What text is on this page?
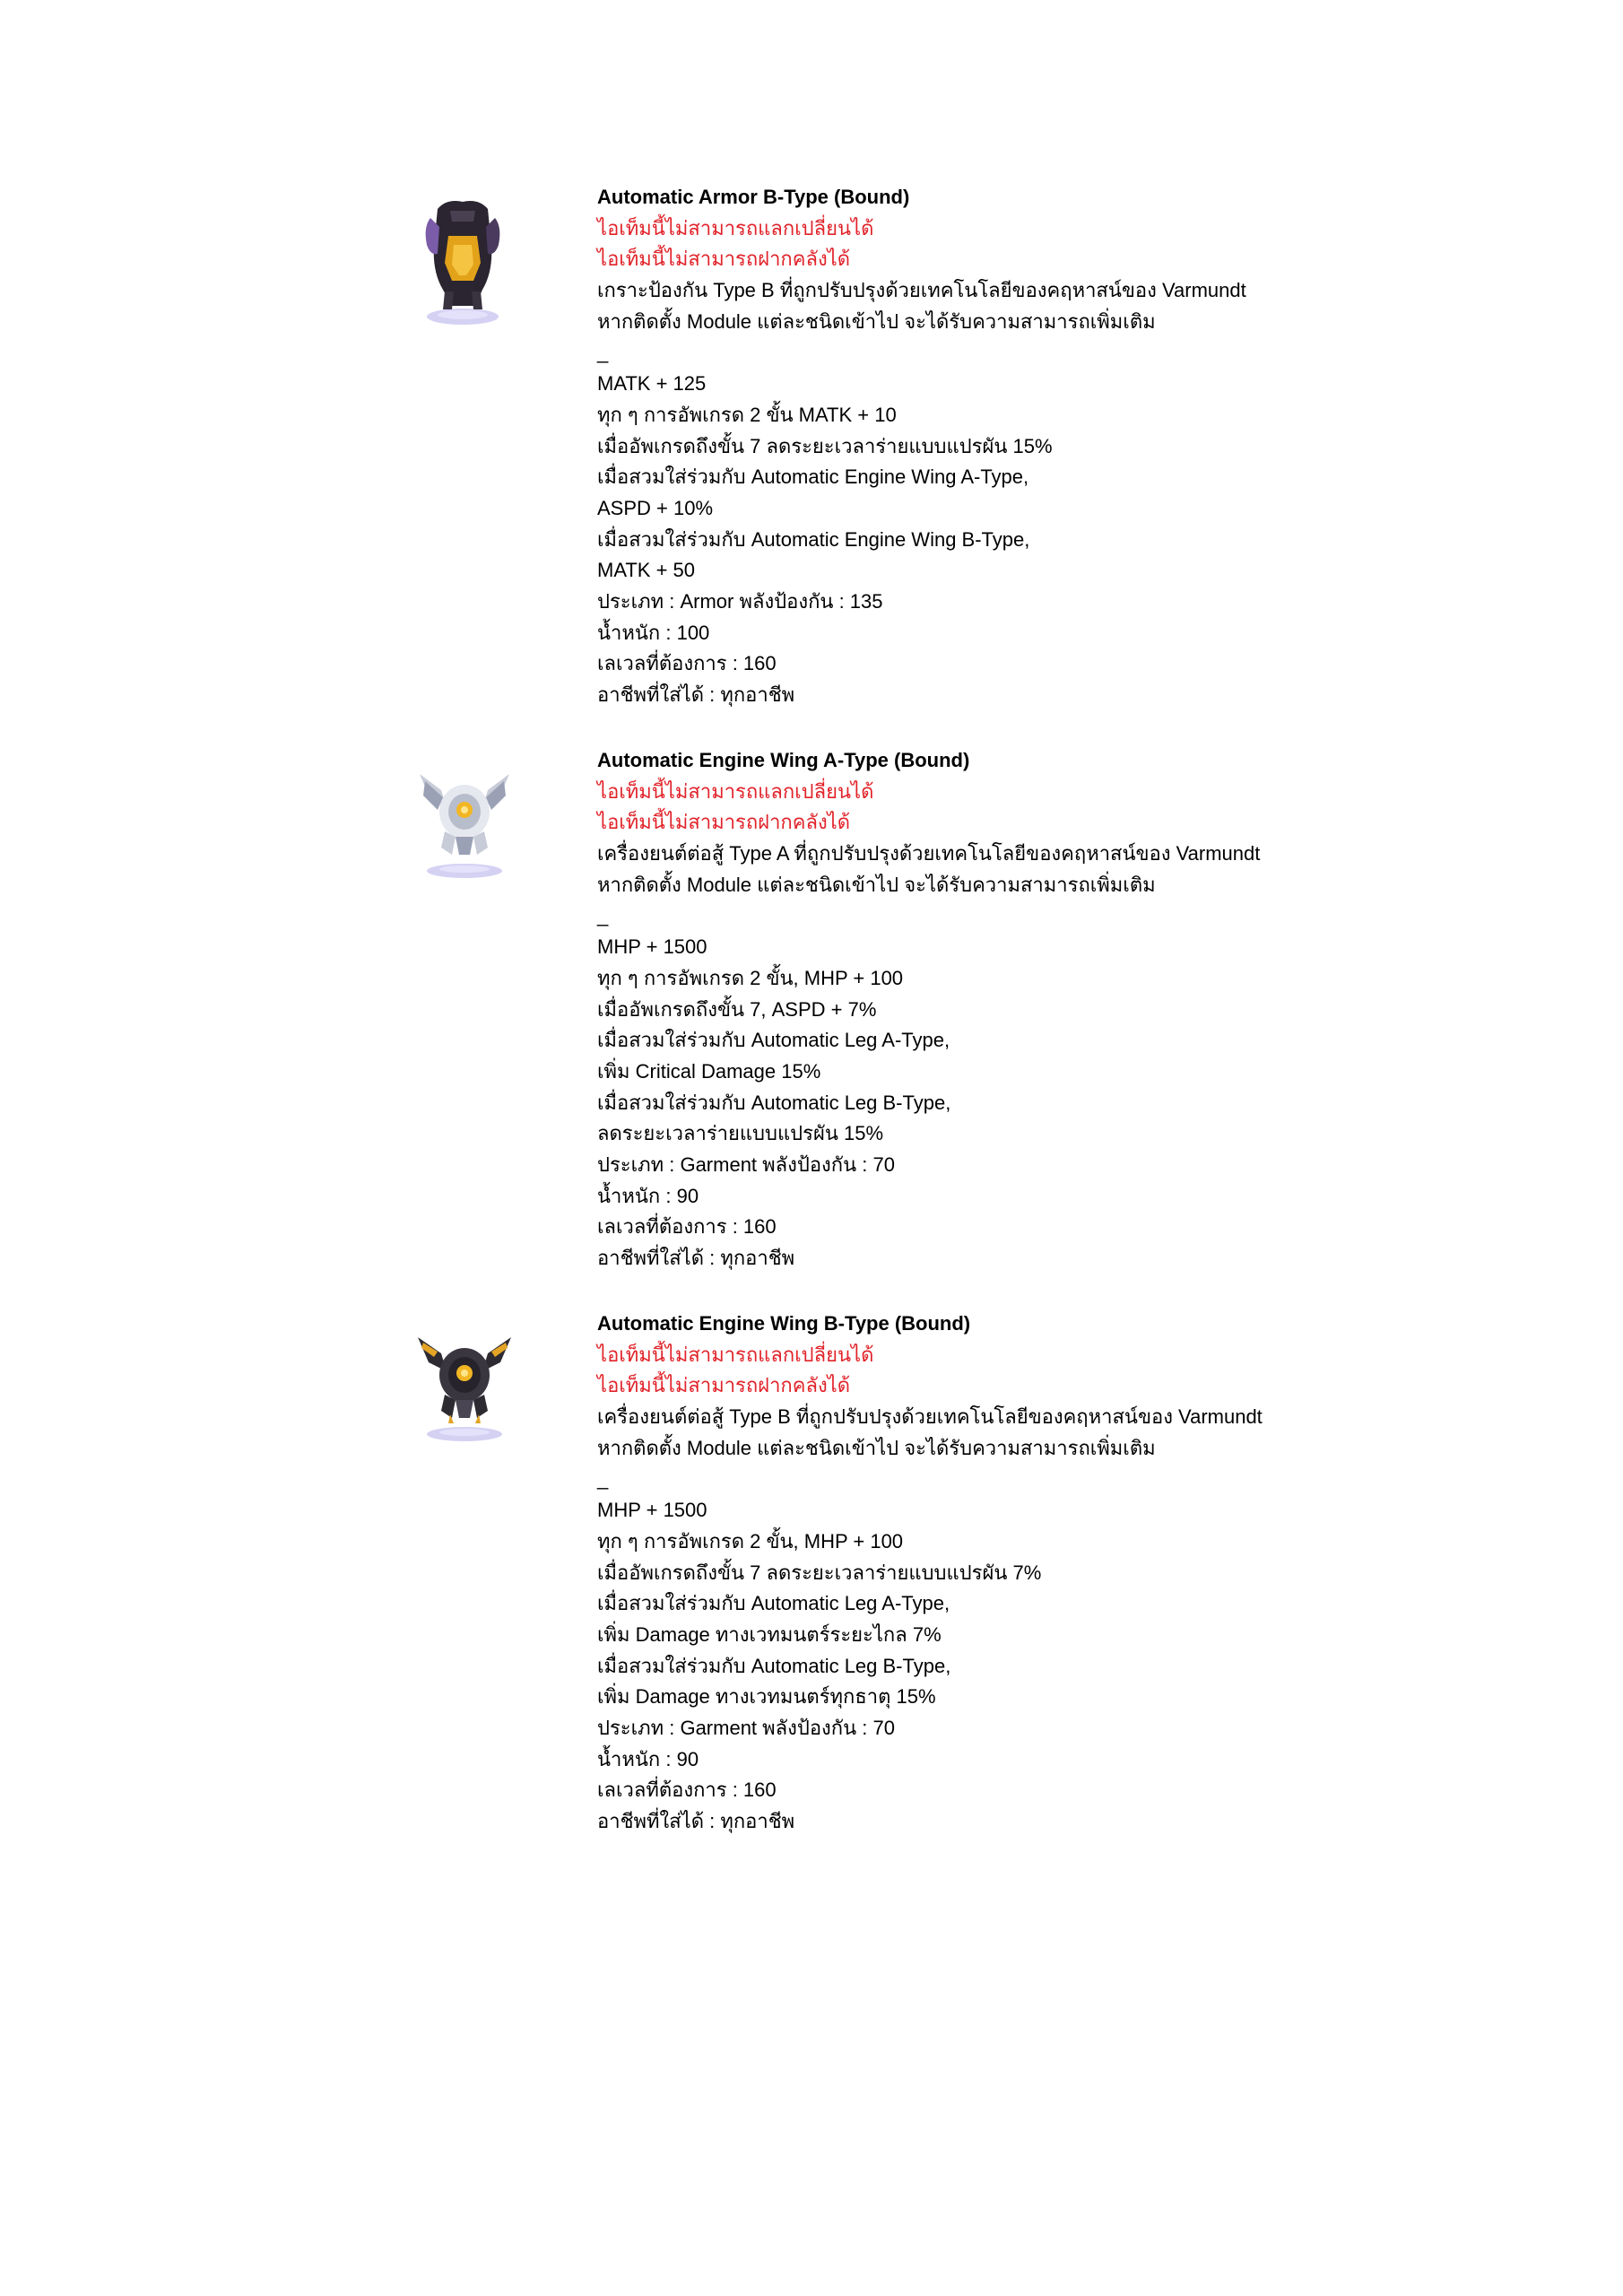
Automatic Armor B-Type (Bound)
ไอเท็มนี้ไม่สามารถแลกเปลี่ยนได้
ไอเท็มนี้ไม่สามารถฝากคลังได้
เกราะป้องกัน Type B ที่ถูกปรับปรุงด้วยเทคโนโลยีของคฤหาสน์ของ Varmundt
หากติดตั้ง Module แต่ละชนิดเข้าไป จะได้รับความสามารถเพิ่มเติม
_
MATK + 125
ทุก ๆ การอัพเกรด 2 ขั้น MATK + 10
เมื่ออัพเกรดถึงขั้น 7 ลดระยะเวลาร่ายแบบแปรผัน 15%
เมื่อสวมใส่ร่วมกับ Automatic Engine Wing A-Type,
ASPD + 10%
เมื่อสวมใส่ร่วมกับ Automatic Engine Wing B-Type,
MATK + 50
ประเภท : Armor พลังป้องกัน : 135
น้ำหนัก : 100
เลเวลที่ต้องการ : 160
อาชีพที่ใส่ได้ : ทุกอาชีพ
Automatic Engine Wing A-Type (Bound)
ไอเท็มนี้ไม่สามารถแลกเปลี่ยนได้
ไอเท็มนี้ไม่สามารถฝากคลังได้
เครื่องยนต์ต่อสู้ Type A ที่ถูกปรับปรุงด้วยเทคโนโลยีของคฤหาสน์ของ Varmundt
หากติดตั้ง Module แต่ละชนิดเข้าไป จะได้รับความสามารถเพิ่มเติม
_
MHP + 1500
ทุก ๆ การอัพเกรด 2 ขั้น, MHP + 100
เมื่ออัพเกรดถึงขั้น 7, ASPD + 7%
เมื่อสวมใส่ร่วมกับ Automatic Leg A-Type,
เพิ่ม Critical Damage 15%
เมื่อสวมใส่ร่วมกับ Automatic Leg B-Type,
ลดระยะเวลาร่ายแบบแปรผัน 15%
ประเภท : Garment พลังป้องกัน : 70
น้ำหนัก : 90
เลเวลที่ต้องการ : 160
อาชีพที่ใส่ได้ : ทุกอาชีพ
Automatic Engine Wing B-Type (Bound)
ไอเท็มนี้ไม่สามารถแลกเปลี่ยนได้
ไอเท็มนี้ไม่สามารถฝากคลังได้
เครื่องยนต์ต่อสู้ Type B ที่ถูกปรับปรุงด้วยเทคโนโลยีของคฤหาสน์ของ Varmundt
หากติดตั้ง Module แต่ละชนิดเข้าไป จะได้รับความสามารถเพิ่มเติม
_
MHP + 1500
ทุก ๆ การอัพเกรด 2 ขั้น, MHP + 100
เมื่ออัพเกรดถึงขั้น 7 ลดระยะเวลาร่ายแบบแปรผัน 7%
เมื่อสวมใส่ร่วมกับ Automatic Leg A-Type,
เพิ่ม Damage ทางเวทมนตร์ระยะไกล 7%
เมื่อสวมใส่ร่วมกับ Automatic Leg B-Type,
เพิ่ม Damage ทางเวทมนตร์ทุกธาตุ 15%
ประเภท : Garment พลังป้องกัน : 70
น้ำหนัก : 90
เลเวลที่ต้องการ : 160
อาชีพที่ใส่ได้ : ทุกอาชีพ
